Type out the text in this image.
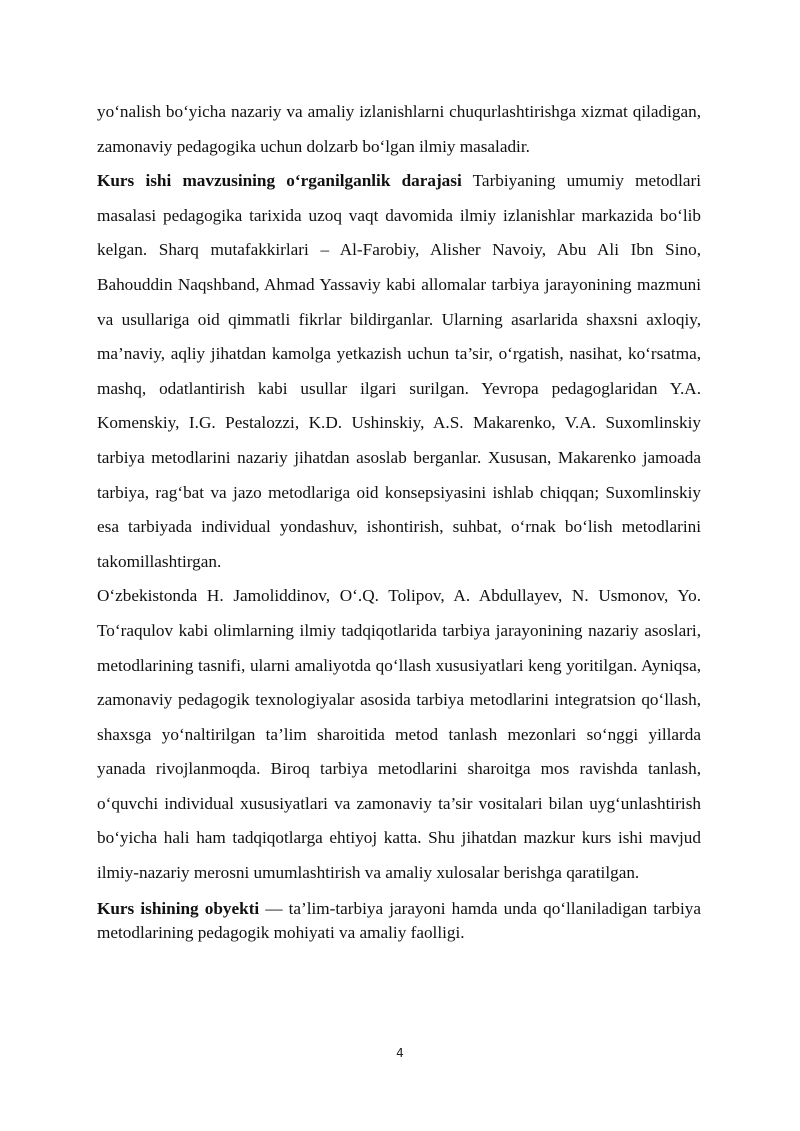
yo‘nalish bo‘yicha nazariy va amaliy izlanishlarni chuqurlashtirishga xizmat qiladigan, zamonaviy pedagogika uchun dolzarb bo‘lgan ilmiy masaladir.

Kurs ishi mavzusining o‘rganilganlik darajasi Tarbiyaning umumiy metodlari masalasi pedagogika tarixida uzoq vaqt davomida ilmiy izlanishlar markazida bo‘lib kelgan. Sharq mutafakkirlari – Al-Farobiy, Alisher Navoiy, Abu Ali Ibn Sino, Bahouddin Naqshband, Ahmad Yassaviy kabi allomalar tarbiya jarayonining mazmuni va usullariga oid qimmatli fikrlar bildirganlar. Ularning asarlarida shaxsni axloqiy, ma’naviy, aqliy jihatdan kamolga yetkazish uchun ta’sir, o‘rgatish, nasihat, ko‘rsatma, mashq, odatlantirish kabi usullar ilgari surilgan. Yevropa pedagoglaridan Y.A. Komenskiy, I.G. Pestalozzi, K.D. Ushinskiy, A.S. Makarenko, V.A. Suxomlinskiy tarbiya metodlarini nazariy jihatdan asoslab berganlar. Xususan, Makarenko jamoada tarbiya, rag‘bat va jazo metodlariga oid konsepsiyasini ishlab chiqqan; Suxomlinskiy esa tarbiyada individual yondashuv, ishontirish, suhbat, o‘rnak bo‘lish metodlarini takomillashtirgan.

O‘zbekistonda H. Jamoliddinov, O‘.Q. Tolipov, A. Abdullayev, N. Usmonov, Yo. To‘raqulov kabi olimlarning ilmiy tadqiqotlarida tarbiya jarayonining nazariy asoslari, metodlarining tasnifi, ularni amaliyotda qo‘llash xususiyatlari keng yoritilgan. Ayniqsa, zamonaviy pedagogik texnologiyalar asosida tarbiya metodlarini integratsion qo‘llash, shaxsga yo‘naltirilgan ta’lim sharoitida metod tanlash mezonlari so‘nggi yillarda yanada rivojlanmoqda. Biroq tarbiya metodlarini sharoitga mos ravishda tanlash, o‘quvchi individual xususiyatlari va zamonaviy ta’sir vositalari bilan uyg‘unlashtirish bo‘yicha hali ham tadqiqotlarga ehtiyoj katta. Shu jihatdan mazkur kurs ishi mavjud ilmiy-nazariy merosni umumlashtirish va amaliy xulosalar berishga qaratilgan.

Kurs ishining obyekti — ta’lim-tarbiya jarayoni hamda unda qo‘llaniladigan tarbiya metodlarining pedagogik mohiyati va amaliy faolligi.

4
